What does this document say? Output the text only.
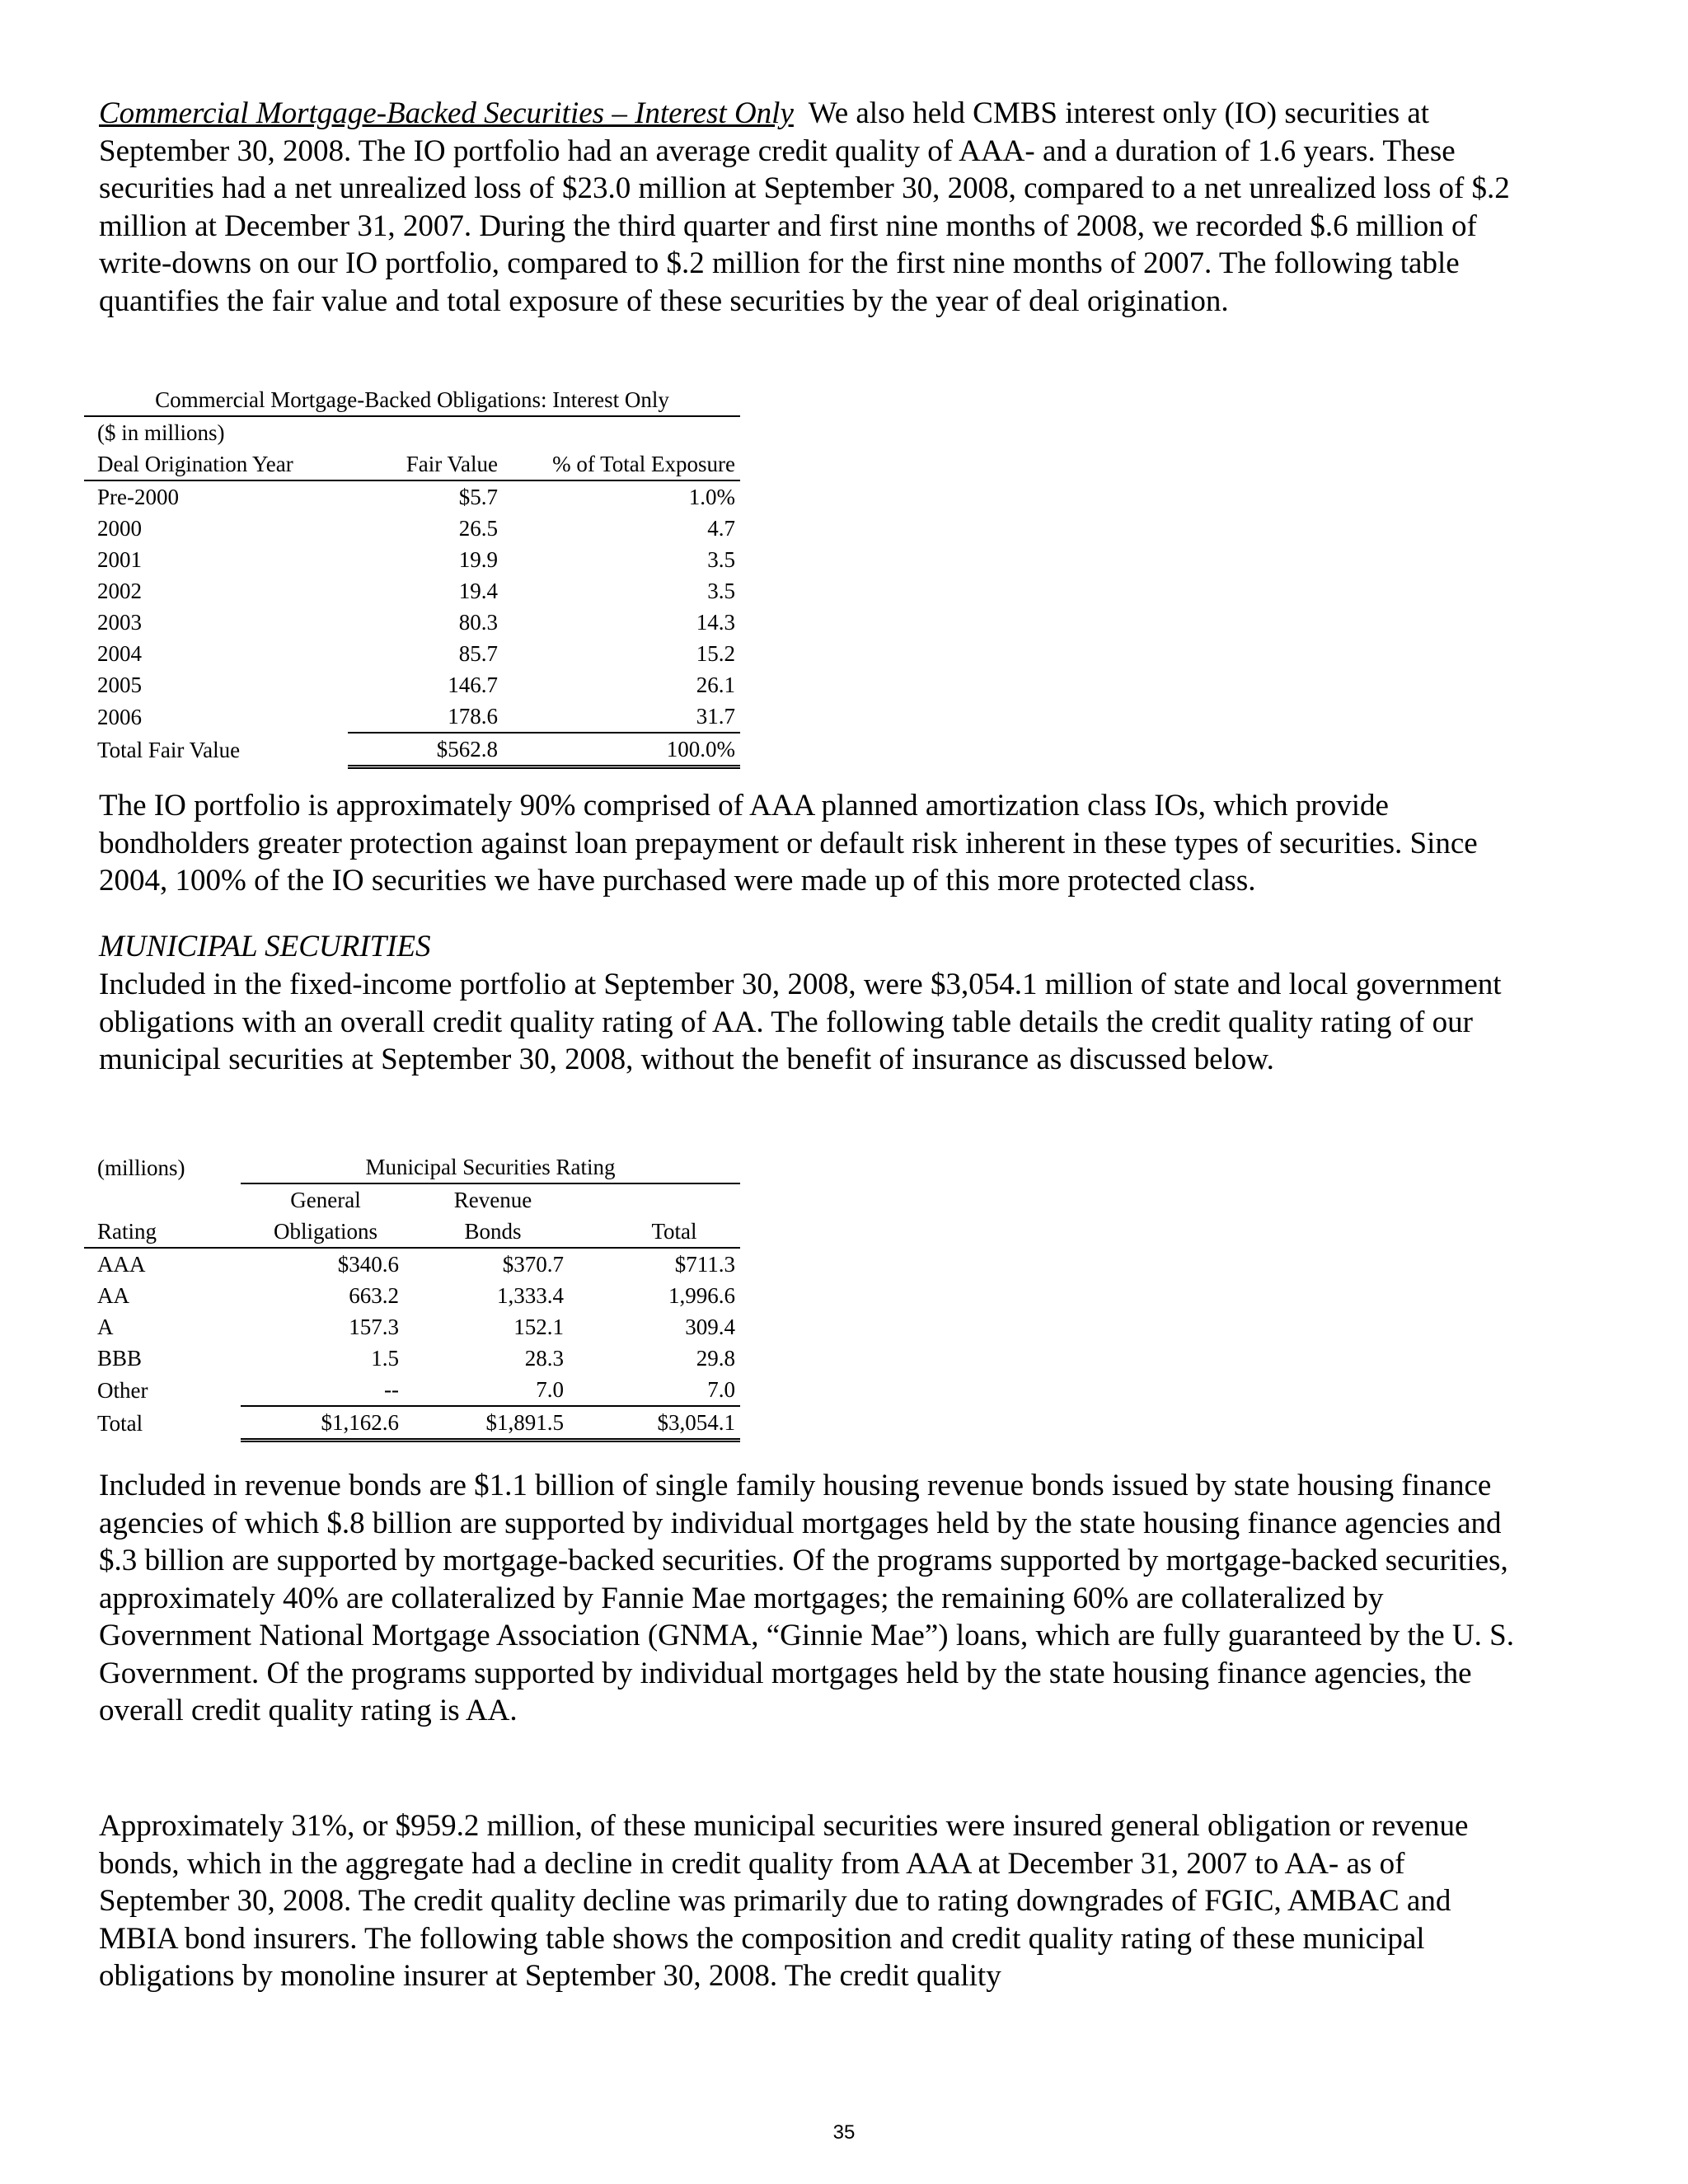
Commercial Mortgage-Backed Securities – Interest Only We also held CMBS interest only (IO) securities at September 30, 2008. The IO portfolio had an average credit quality of AAA- and a duration of 1.6 years. These securities had a net unrealized loss of $23.0 million at September 30, 2008, compared to a net unrealized loss of $.2 million at December 31, 2007. During the third quarter and first nine months of 2008, we recorded $.6 million of write-downs on our IO portfolio, compared to $.2 million for the first nine months of 2007. The following table quantifies the fair value and total exposure of these securities by the year of deal origination.

Commercial Mortgage-Backed Obligations: Interest Only		
($ in millions)		
Deal Origination Year	Fair Value	% of Total Exposure
Pre-2000	$5.7	1.0%
2000	26.5	4.7
2001	19.9	3.5
2002	19.4	3.5
2003	80.3	14.3
2004	85.7	15.2
2005	146.7	26.1
2006	178.6	31.7
Total Fair Value	$562.8	100.0%

The IO portfolio is approximately 90% comprised of AAA planned amortization class IOs, which provide bondholders greater protection against loan prepayment or default risk inherent in these types of securities. Since 2004, 100% of the IO securities we have purchased were made up of this more protected class.

MUNICIPAL SECURITIES

Included in the fixed-income portfolio at September 30, 2008, were $3,054.1 million of state and local government obligations with an overall credit quality rating of AA. The following table details the credit quality rating of our municipal securities at September 30, 2008, without the benefit of insurance as discussed below.

(millions)	Municipal Securities Rating		
	General	Revenue	
Rating	Obligations	Bonds	Total
AAA	$340.6	$370.7	$711.3
AA	663.2	1,333.4	1,996.6
A	157.3	152.1	309.4
BBB	1.5	28.3	29.8
Other	--	7.0	7.0
Total	$1,162.6	$1,891.5	$3,054.1

Included in revenue bonds are $1.1 billion of single family housing revenue bonds issued by state housing finance agencies of which $.8 billion are supported by individual mortgages held by the state housing finance agencies and $.3 billion are supported by mortgage-backed securities. Of the programs supported by mortgage-backed securities, approximately 40% are collateralized by Fannie Mae mortgages; the remaining 60% are collateralized by Government National Mortgage Association (GNMA, “Ginnie Mae”) loans, which are fully guaranteed by the U. S. Government. Of the programs supported by individual mortgages held by the state housing finance agencies, the overall credit quality rating is AA.

Approximately 31%, or $959.2 million, of these municipal securities were insured general obligation or revenue bonds, which in the aggregate had a decline in credit quality from AAA at December 31, 2007 to AA- as of September 30, 2008. The credit quality decline was primarily due to rating downgrades of FGIC, AMBAC and MBIA bond insurers. The following table shows the composition and credit quality rating of these municipal obligations by monoline insurer at September 30, 2008. The credit quality

35
